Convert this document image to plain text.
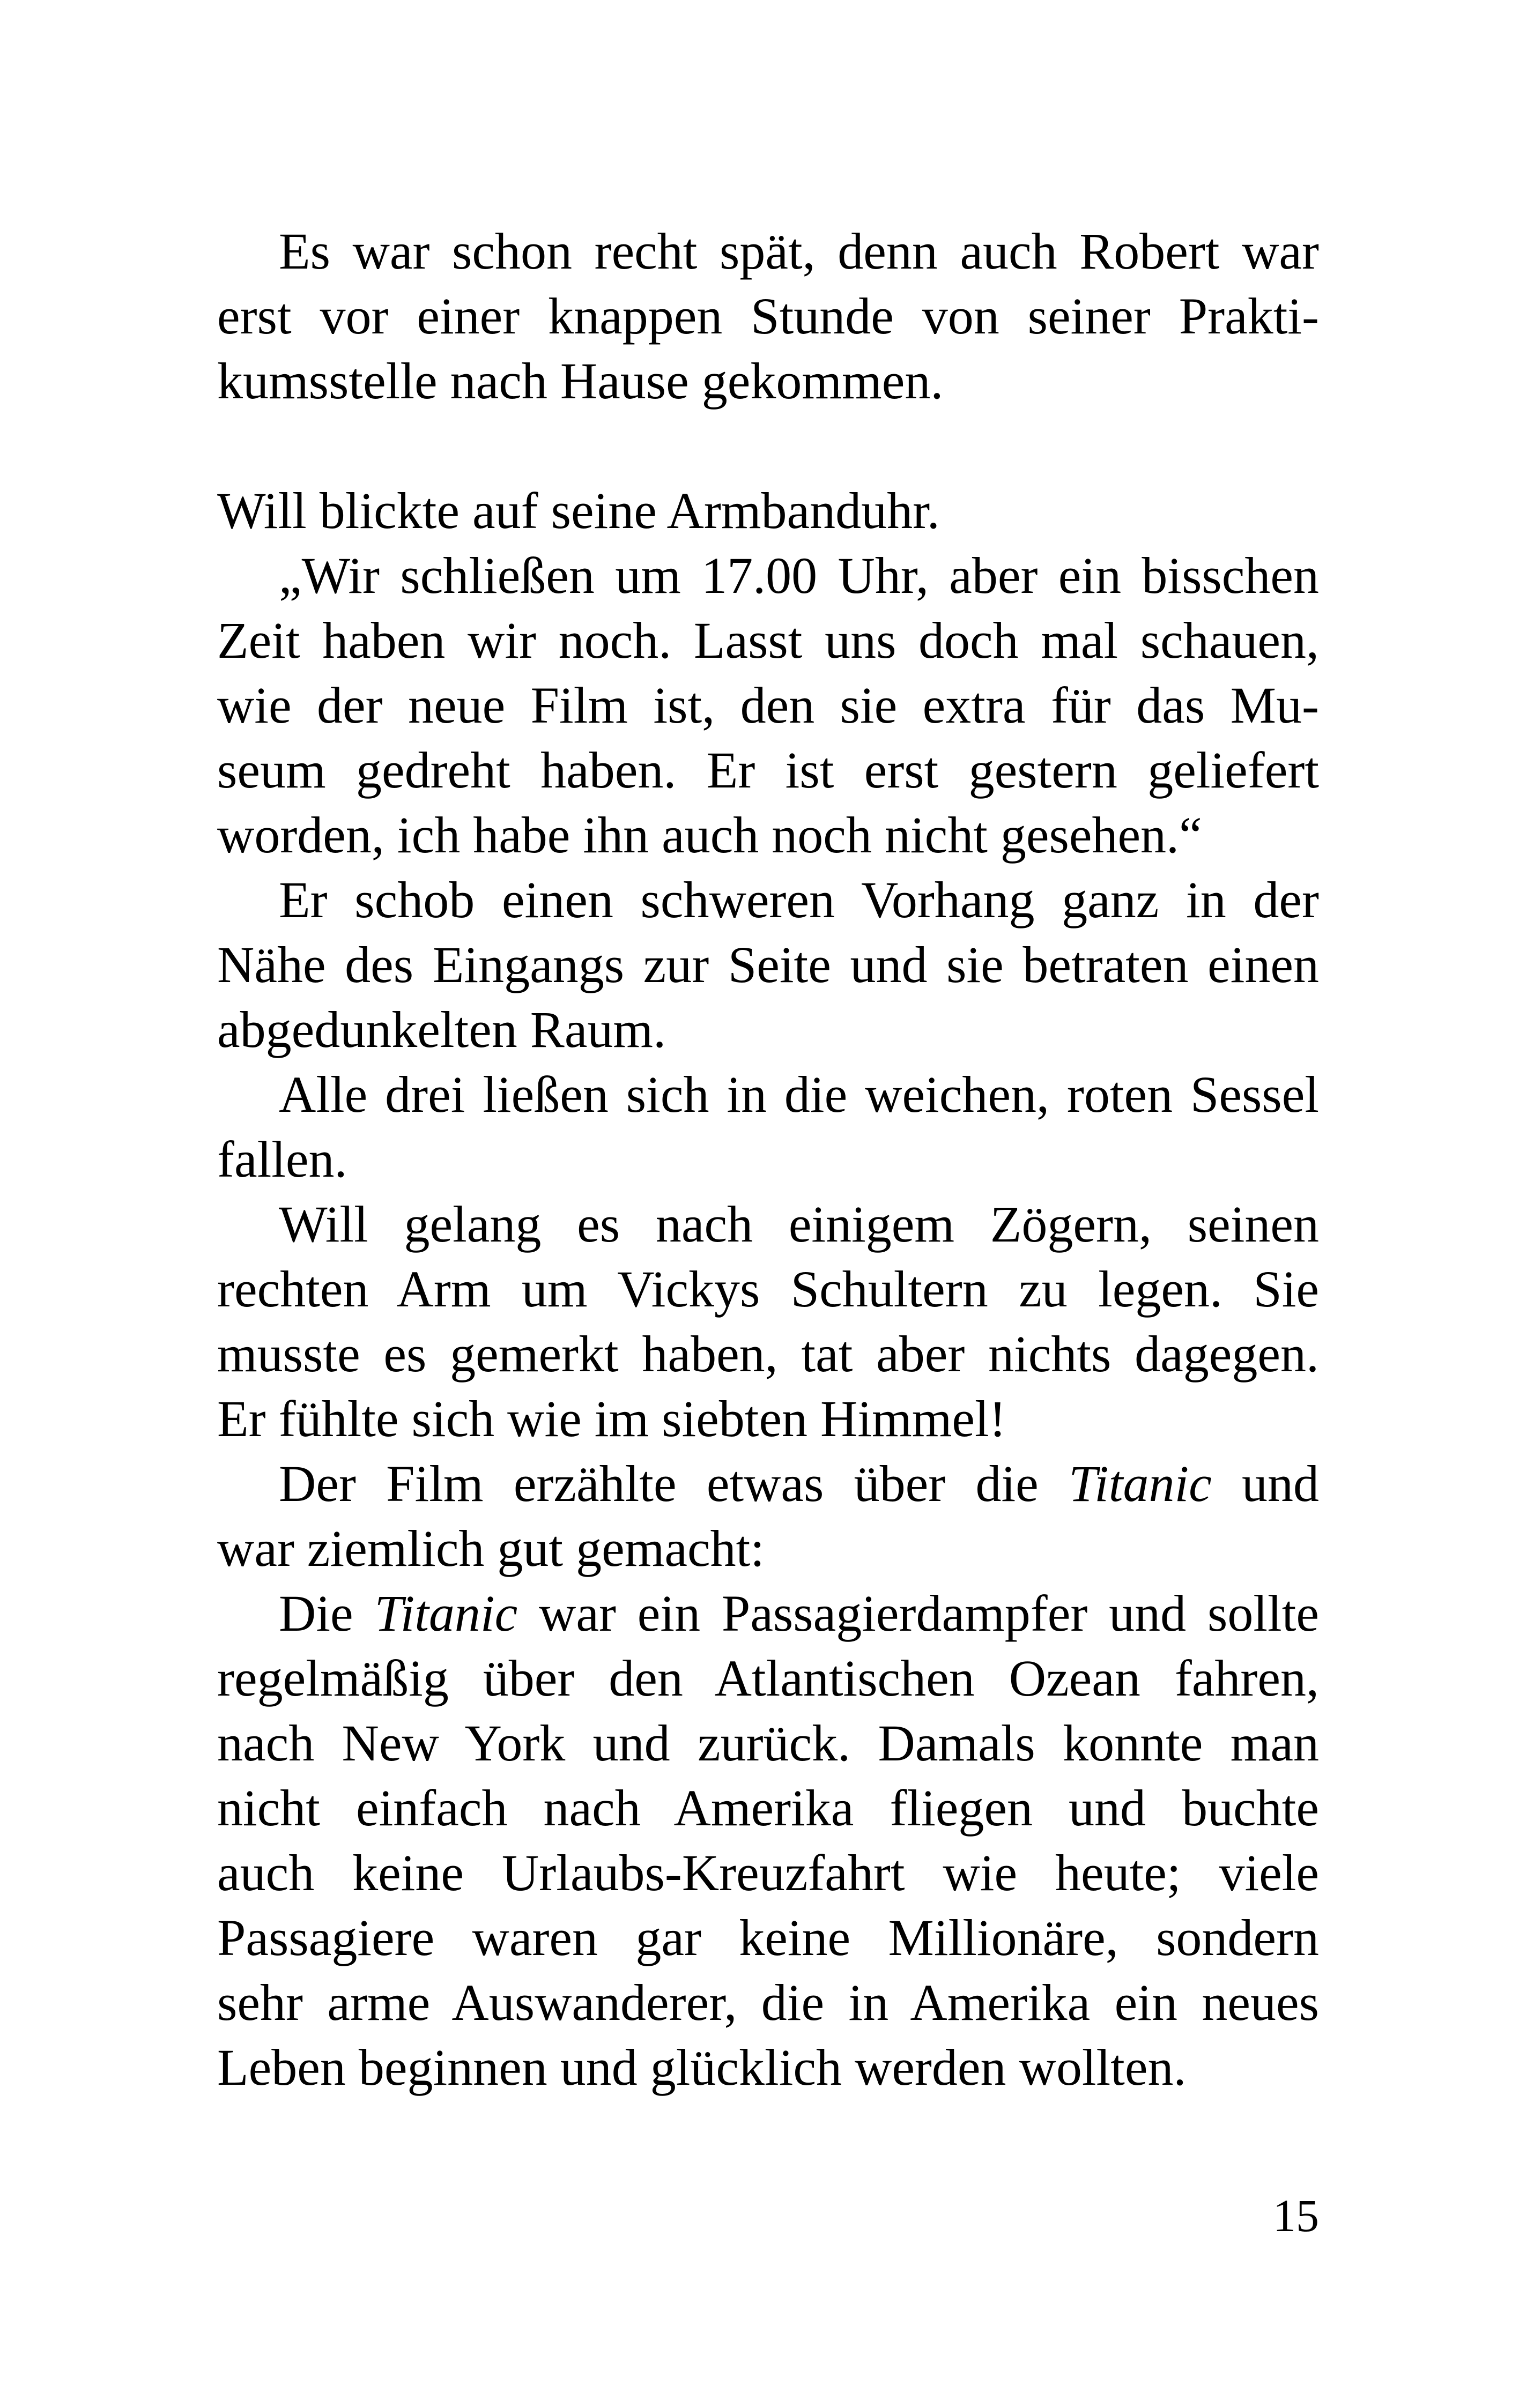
Es war schon recht spät, denn auch Robert war
erst vor einer knappen Stunde von seiner Prakti-
kumsstelle nach Hause gekommen.
Will blickte auf seine Armbanduhr.
„Wir schließen um 17.00 Uhr, aber ein bisschen
Zeit haben wir noch. Lasst uns doch mal schauen,
wie der neue Film ist, den sie extra für das Mu-
seum gedreht haben. Er ist erst gestern geliefert
worden, ich habe ihn auch noch nicht gesehen.“
Er schob einen schweren Vorhang ganz in der
Nähe des Eingangs zur Seite und sie betraten einen
abgedunkelten Raum.
Alle drei ließen sich in die weichen, roten Sessel
fallen.
Will gelang es nach einigem Zögern, seinen
rechten Arm um Vickys Schultern zu legen. Sie
musste es gemerkt haben, tat aber nichts dagegen.
Er fühlte sich wie im siebten Himmel!
Der Film erzählte etwas über die Titanic und
war ziemlich gut gemacht:
Die Titanic war ein Passagierdampfer und sollte
regelmäßig über den Atlantischen Ozean fahren,
nach New York und zurück. Damals konnte man
nicht einfach nach Amerika fliegen und buchte
auch keine Urlaubs-Kreuzfahrt wie heute; viele
Passagiere waren gar keine Millionäre, sondern
sehr arme Auswanderer, die in Amerika ein neues
Leben beginnen und glücklich werden wollten.
15
